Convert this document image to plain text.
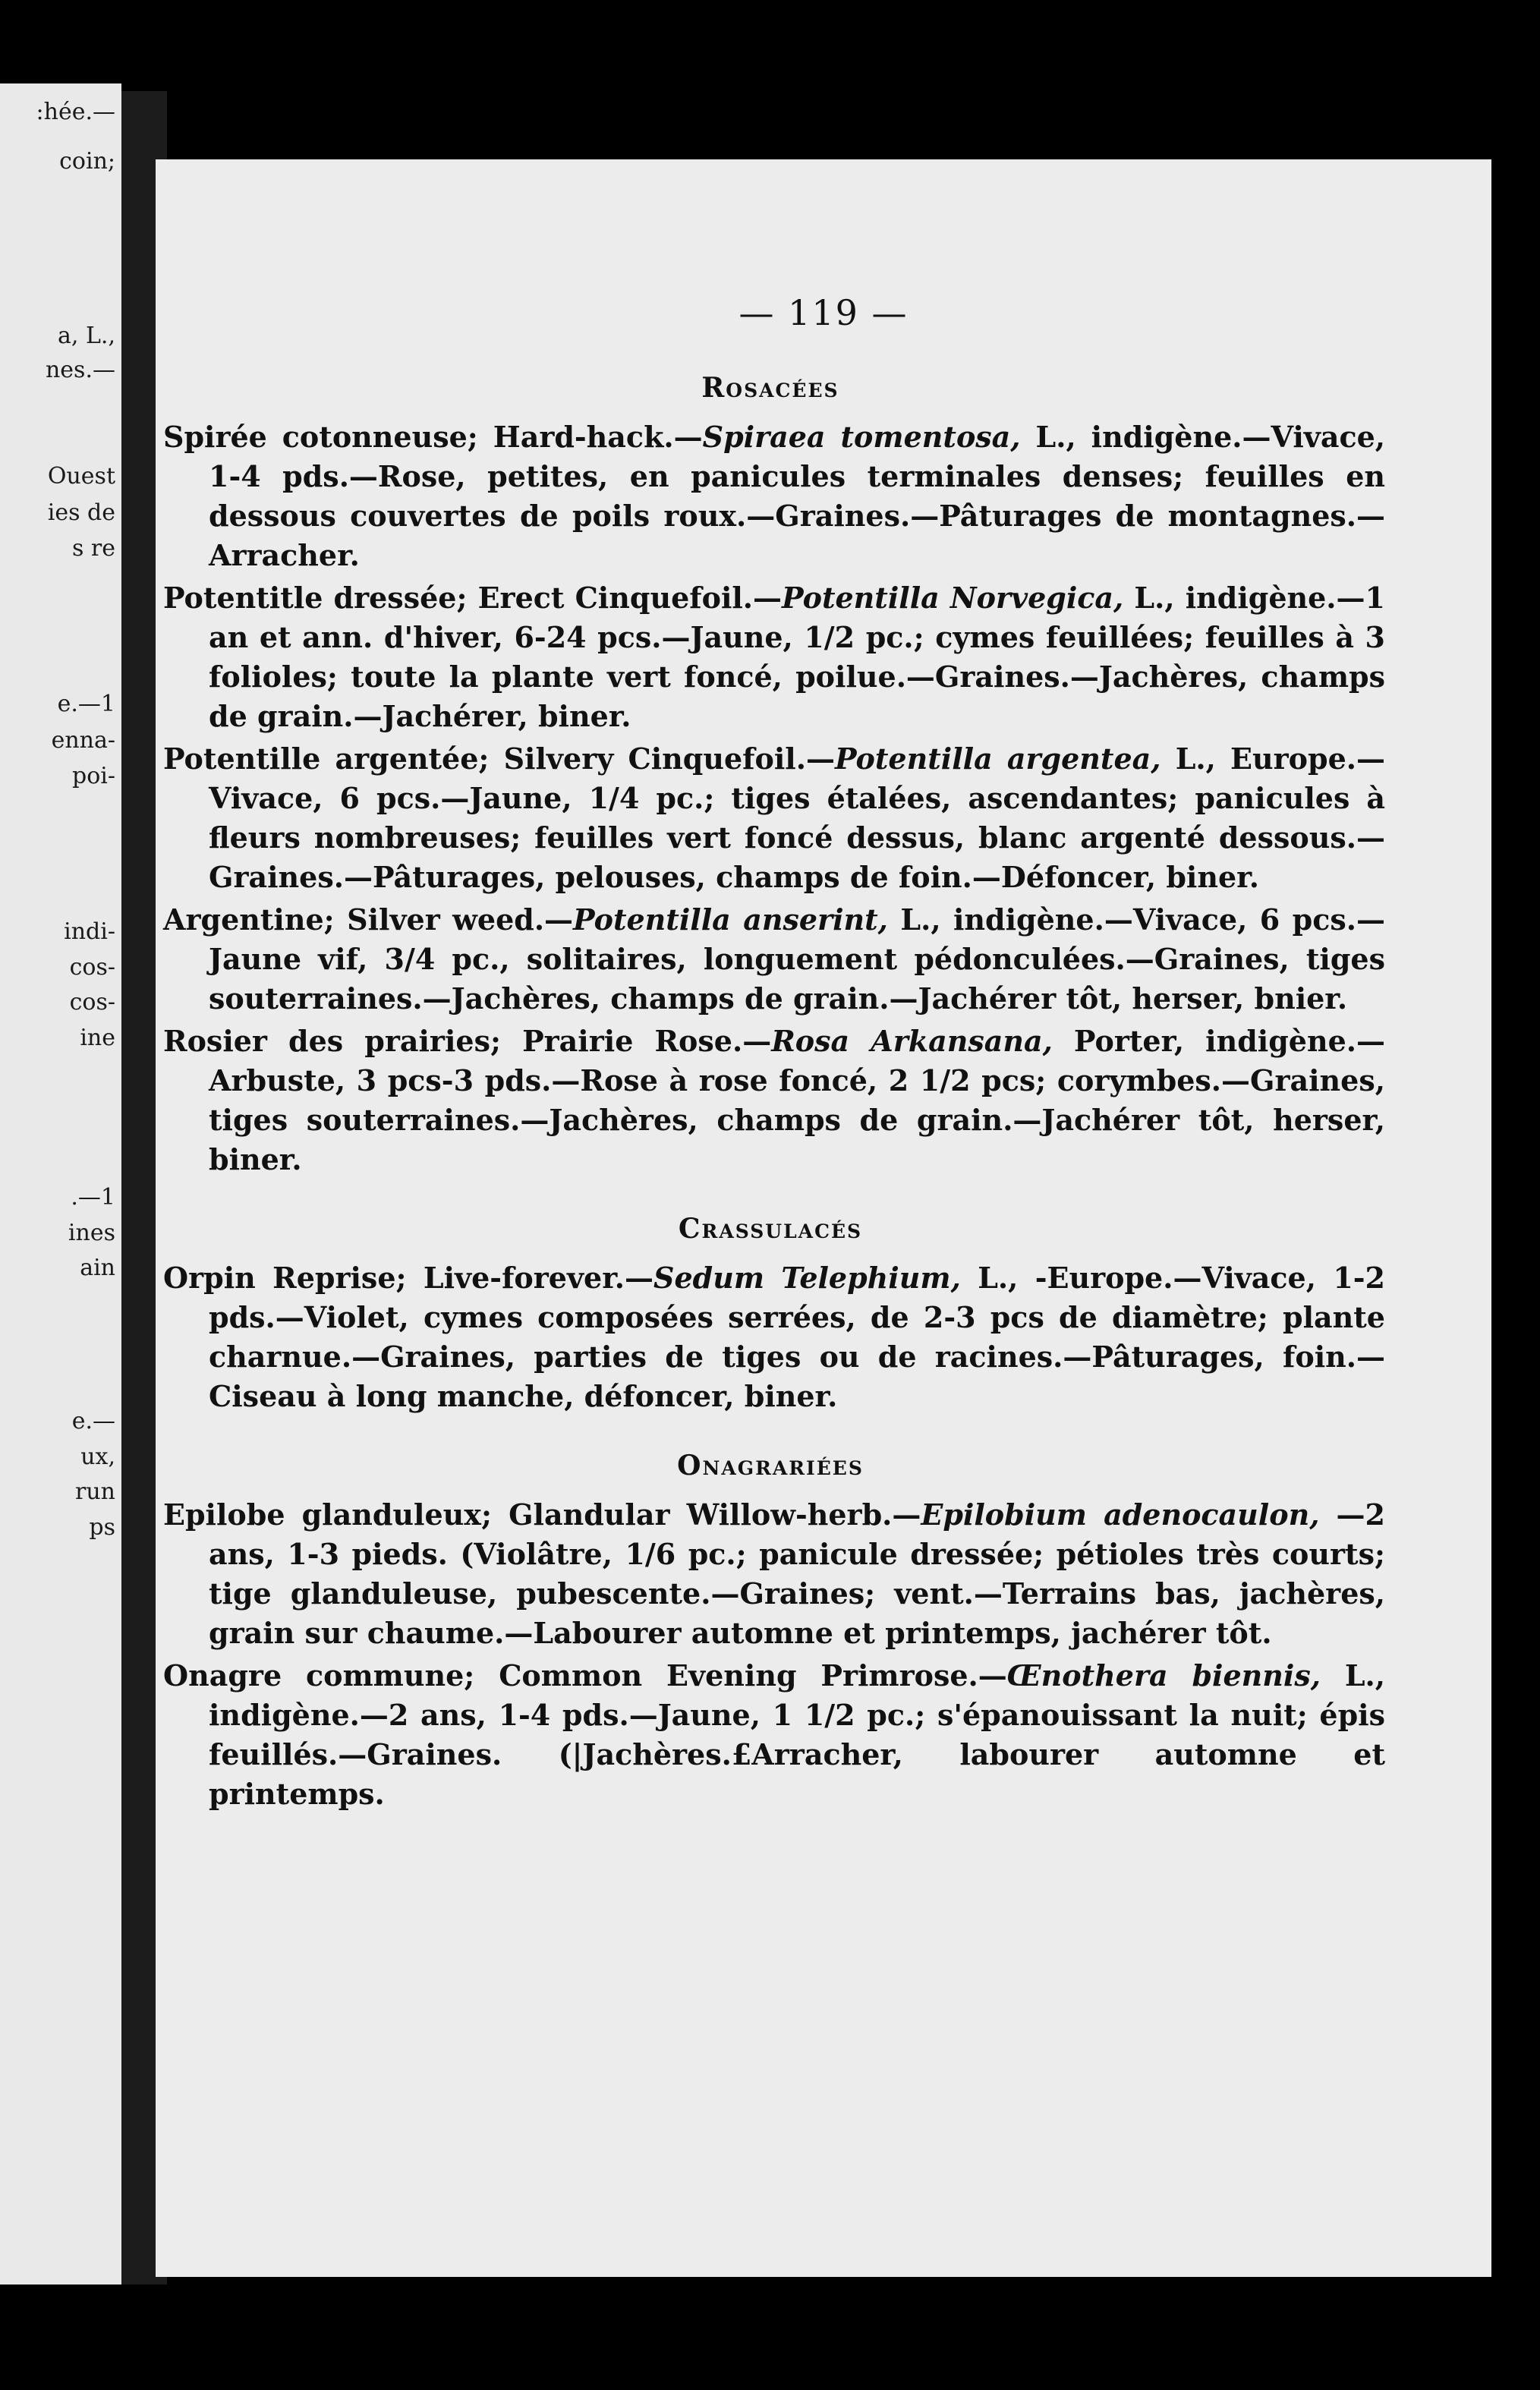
:hée.—
coin;
a, L.,
nes.—
Ouest
ies de
s re
e.—1
enna-
poi-
indi-
cos-
cos-
ine
.—1
ines
ain
e.—
ux,
run
ps
— 119 —
Rosacées

Spirée cotonneuse; Hard-hack.—Spiraea tomentosa, L., indigène.—Vivace, 1-4 pds.—Rose, petites, en panicules terminales denses; feuilles en dessous couvertes de poils roux.—Graines.—Pâturages de montagnes.—Arracher.

Potentitle dressée; Erect Cinquefoil.—Potentilla Norvegica, L., indigène.—1 an et ann. d'hiver, 6-24 pcs.—Jaune, 1/2 pc.; cymes feuillées; feuilles à 3 folioles; toute la plante vert foncé, poilue.—Graines.—Jachères, champs de grain.—Jachérer, biner.

Potentille argentée; Silvery Cinquefoil.—Potentilla argentea, L., Europe.—Vivace, 6 pcs.—Jaune, 1/4 pc.; tiges étalées, ascendantes; panicules à fleurs nombreuses; feuilles vert foncé dessus, blanc argenté dessous.—Graines.—Pâturages, pelouses, champs de foin.—Défoncer, biner.

Argentine; Silver weed.—Potentilla anserint, L., indigène.—Vivace, 6 pcs.—Jaune vif, 3/4 pc., solitaires, longuement pédonculées.—Graines, tiges souterraines.—Jachères, champs de grain.—Jachérer tôt, herser, bnier.

Rosier des prairies; Prairie Rose.—Rosa Arkansana, Porter, indigène.—Arbuste, 3 pcs-3 pds.—Rose à rose foncé, 2 1/2 pcs; corymbes.—Graines, tiges souterraines.—Jachères, champs de grain.—Jachérer tôt, herser, biner.

Crassulacés

Orpin Reprise; Live-forever.—Sedum Telephium, L., -Europe.—Vivace, 1-2 pds.—Violet, cymes composées serrées, de 2-3 pcs de diamètre; plante charnue.—Graines, parties de tiges ou de racines.—Pâturages, foin.—Ciseau à long manche, défoncer, biner.

Onagrariées

Epilobe glanduleux; Glandular Willow-herb.—Epilobium adenocaulon, —2 ans, 1-3 pieds. (Violâtre, 1/6 pc.; panicule dressée; pétioles très courts; tige glanduleuse, pubescente.—Graines; vent.—Terrains bas, jachères, grain sur chaume.—Labourer automne et printemps, jachérer tôt.

Onagre commune; Common Evening Primrose.—Œnothera biennis, L., indigène.—2 ans, 1-4 pds.—Jaune, 1 1/2 pc.; s'épanouissant la nuit; épis feuillés.—Graines. (|Jachères.£Arracher, labourer automne et printemps.
